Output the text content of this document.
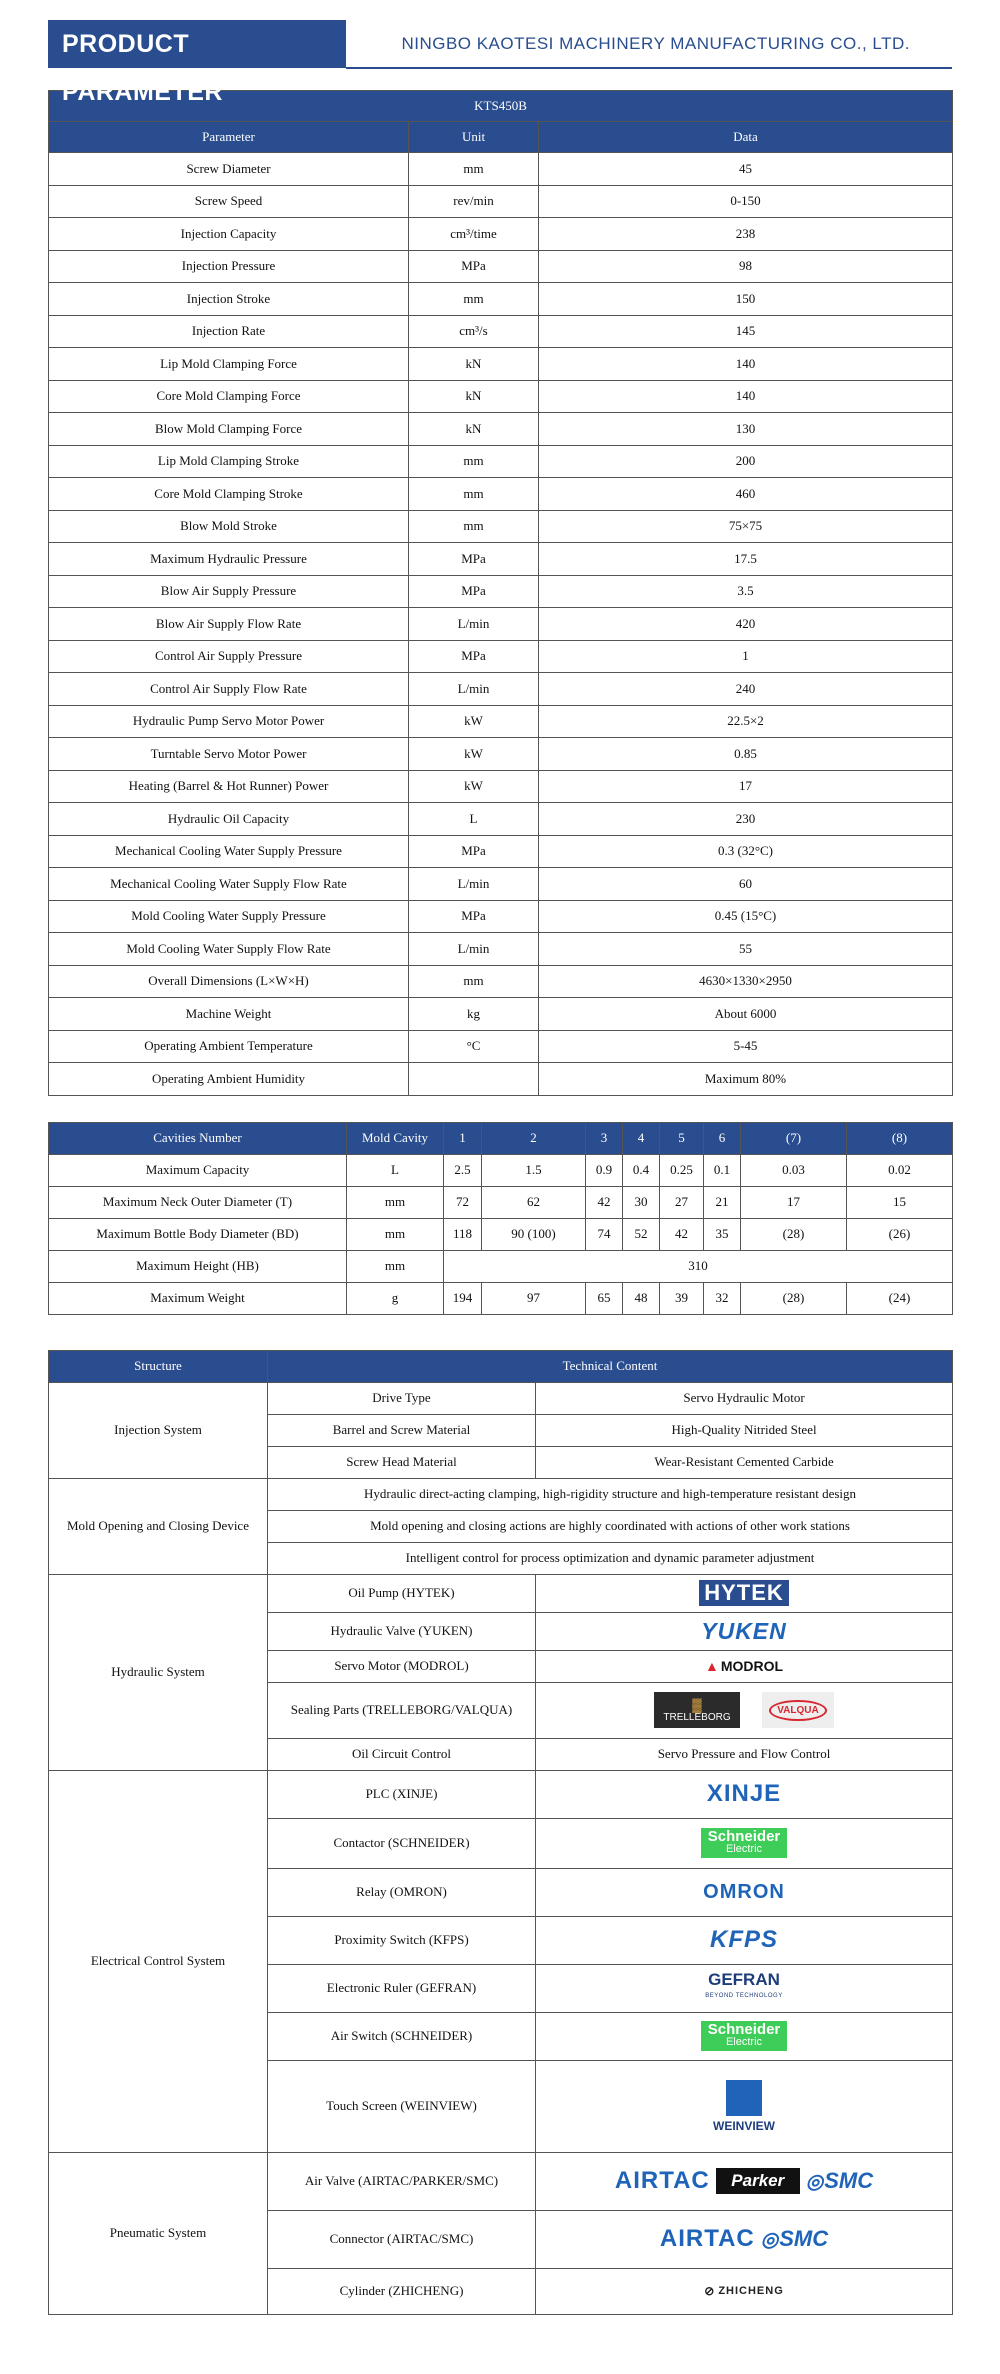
PRODUCT PARAMETER
NINGBO KAOTESI MACHINERY MANUFACTURING CO., LTD.
KTS450B		
Parameter	Unit	Data
Screw Diameter	mm	45
Screw Speed	rev/min	0-150
Injection Capacity	cm³/time	238
Injection Pressure	MPa	98
Injection Stroke	mm	150
Injection Rate	cm³/s	145
Lip Mold Clamping Force	kN	140
Core Mold Clamping Force	kN	140
Blow Mold Clamping Force	kN	130
Lip Mold Clamping Stroke	mm	200
Core Mold Clamping Stroke	mm	460
Blow Mold Stroke	mm	75×75
Maximum Hydraulic Pressure	MPa	17.5
Blow Air Supply Pressure	MPa	3.5
Blow Air Supply Flow Rate	L/min	420
Control Air Supply Pressure	MPa	1
Control Air Supply Flow Rate	L/min	240
Hydraulic Pump Servo Motor Power	kW	22.5×2
Turntable Servo Motor Power	kW	0.85
Heating (Barrel & Hot Runner) Power	kW	17
Hydraulic Oil Capacity	L	230
Mechanical Cooling Water Supply Pressure	MPa	0.3 (32°C)
Mechanical Cooling Water Supply Flow Rate	L/min	60
Mold Cooling Water Supply Pressure	MPa	0.45 (15°C)
Mold Cooling Water Supply Flow Rate	L/min	55
Overall Dimensions (L×W×H)	mm	4630×1330×2950
Machine Weight	kg	About 6000
Operating Ambient Temperature	°C	5-45
Operating Ambient Humidity		Maximum 80%
Cavities Number	Mold Cavity	1	2	3	4	5	6	(7)	(8)
Maximum Capacity	L	2.5	1.5	0.9	0.4	0.25	0.1	0.03	0.02
Maximum Neck Outer Diameter (T)	mm	72	62	42	30	27	21	17	15
Maximum Bottle Body Diameter (BD)	mm	118	90 (100)	74	52	42	35	(28)	(26)
Maximum Height (HB)	mm	310							
Maximum Weight	g	194	97	65	48	39	32	(28)	(24)
Structure	Technical Content	
Injection System	Drive Type	Servo Hydraulic Motor
	Barrel and Screw Material	High-Quality Nitrided Steel
	Screw Head Material	Wear-Resistant Cemented Carbide
Mold Opening and Closing Device	Hydraulic direct-acting clamping, high-rigidity structure and high-temperature resistant design	
	Mold opening and closing actions are highly coordinated with actions of other work stations	
	Intelligent control for process optimization and dynamic parameter adjustment	
Hydraulic System	Oil Pump (HYTEK)	HYTEK

	Hydraulic Valve (YUKEN)	YUKEN

	Servo Motor (MODROL)	▲ MODROL

	Sealing Parts (TRELLEBORG/VALQUA)	▓
TRELLEBORG
VALQUA

	Oil Circuit Control	Servo Pressure and Flow Control
Electrical Control System	PLC (XINJE)	XINJE

	Contactor (SCHNEIDER)	Schneider
Electric

	Relay (OMRON)	OMRON

	Proximity Switch (KFPS)	KFPS

	Electronic Ruler (GEFRAN)	GEFRAN
BEYOND TECHNOLOGY

	Air Switch (SCHNEIDER)	Schneider
Electric

	Touch Screen (WEINVIEW)	WEINVIEW

Pneumatic System	Air Valve (AIRTAC/PARKER/SMC)	AIRTAC Parker ◎ SMC

	Connector (AIRTAC/SMC)	AIRTAC ◎ SMC

	Cylinder (ZHICHENG)	⊘ ZHICHENG
